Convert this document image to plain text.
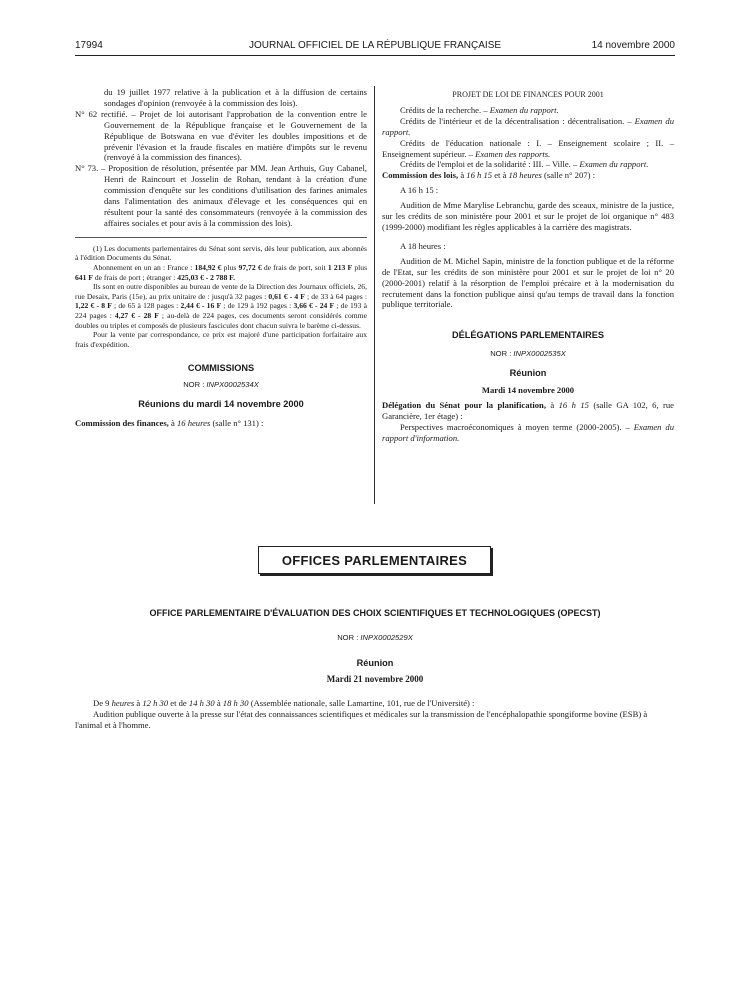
17994	JOURNAL OFFICIEL DE LA RÉPUBLIQUE FRANÇAISE	14 novembre 2000

du 19 juillet 1977 relative à la publication et à la diffusion de certains sondages d'opinion (renvoyée à la commission des lois).

N° 62 rectifié. – Projet de loi autorisant l'approbation de la convention entre le Gouvernement de la République française et le Gouvernement de la République de Botswana en vue d'éviter les doubles impositions et de prévenir l'évasion et la fraude fiscales en matière d'impôts sur le revenu (renvoyé à la commission des finances).

N° 73. – Proposition de résolution, présentée par MM. Jean Arthuis, Guy Cabanel, Henri de Raincourt et Josselin de Rohan, tendant à la création d'une commission d'enquête sur les conditions d'utilisation des farines animales dans l'alimentation des animaux d'élevage et les conséquences qui en résultent pour la santé des consommateurs (renvoyée à la commission des affaires sociales et pour avis à la commission des lois).

(1) Les documents parlementaires du Sénat sont servis, dès leur publication, aux abonnés à l'édition Documents du Sénat.

Abonnement en un an : France : 184,92 € plus 97,72 € de frais de port, soit 1 213 F plus 641 F de frais de port ; étranger : 425,03 € - 2 788 F.

Ils sont en outre disponibles au bureau de vente de la Direction des Journaux officiels, 26, rue Desaix, Paris (15e), au prix unitaire de : jusqu'à 32 pages : 0,61 € - 4 F ; de 33 à 64 pages : 1,22 € - 8 F ; de 65 à 128 pages : 2,44 € - 16 F ; de 129 à 192 pages : 3,66 € - 24 F ; de 193 à 224 pages : 4,27 € - 28 F ; au-delà de 224 pages, ces documents seront considérés comme doubles ou triples et composés de plusieurs fascicules dont chacun suivra le barème ci-dessus.

Pour la vente par correspondance, ce prix est majoré d'une participation forfaitaire aux frais d'expédition.

COMMISSIONS
NOR : INPX0002534X
Réunions du mardi 14 novembre 2000

Commission des finances, à 16 heures (salle n° 131) :

PROJET DE LOI DE FINANCES POUR 2001

Crédits de la recherche. – Examen du rapport.

Crédits de l'intérieur et de la décentralisation : décentralisation. – Examen du rapport.

Crédits de l'éducation nationale : I. – Enseignement scolaire ; II. – Enseignement supérieur. – Examen des rapports.

Crédits de l'emploi et de la solidarité : III. – Ville. – Examen du rapport.

Commission des lois, à 16 h 15 et à 18 heures (salle n° 207) :

A 16 h 15 :

Audition de Mme Marylise Lebranchu, garde des sceaux, ministre de la justice, sur les crédits de son ministère pour 2001 et sur le projet de loi organique n° 483 (1999-2000) modifiant les règles applicables à la carrière des magistrats.

A 18 heures :

Audition de M. Michel Sapin, ministre de la fonction publique et de la réforme de l'Etat, sur les crédits de son ministère pour 2001 et sur le projet de loi n° 20 (2000-2001) relatif à la résorption de l'emploi précaire et à la modernisation du recrutement dans la fonction publique ainsi qu'au temps de travail dans la fonction publique territoriale.

DÉLÉGATIONS PARLEMENTAIRES
NOR : INPX0002535X
Réunion

Mardi 14 novembre 2000

Délégation du Sénat pour la planification, à 16 h 15 (salle GA 102, 6, rue Garancière, 1er étage) :

Perspectives macroéconomiques à moyen terme (2000-2005). – Examen du rapport d'information.

OFFICES PARLEMENTAIRES
OFFICE PARLEMENTAIRE D'ÉVALUATION DES CHOIX SCIENTIFIQUES ET TECHNOLOGIQUES (OPECST)
NOR : INPX0002529X
Réunion
Mardi 21 novembre 2000

De 9 heures à 12 h 30 et de 14 h 30 à 18 h 30 (Assemblée nationale, salle Lamartine, 101, rue de l'Université) :

Audition publique ouverte à la presse sur l'état des connaissances scientifiques et médicales sur la transmission de l'encéphalopathie spongiforme bovine (ESB) à l'animal et à l'homme.
